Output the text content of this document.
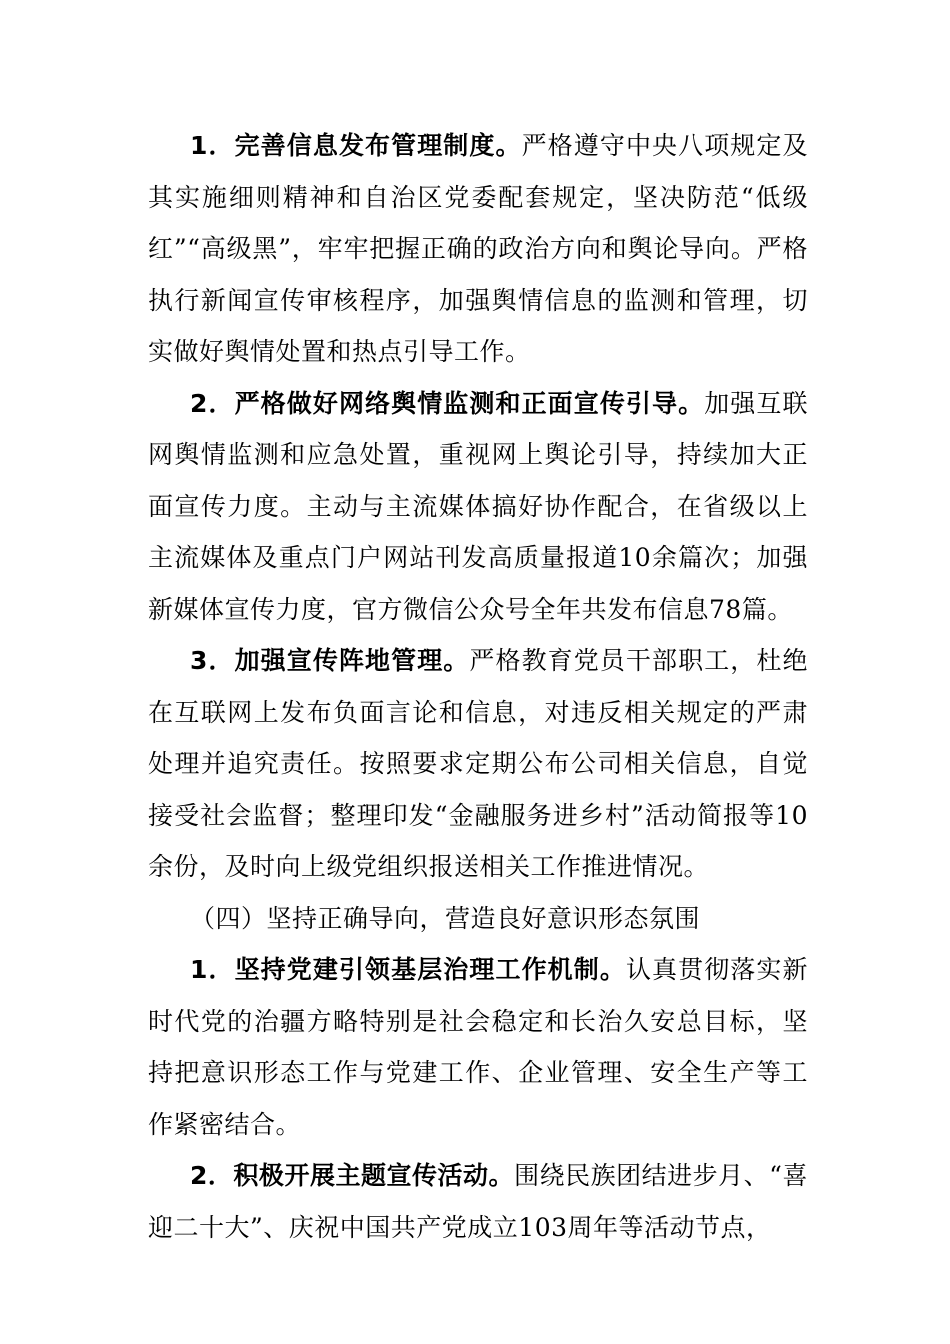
1．完善信息发布管理制度。严格遵守中央八项规定及其实施细则精神和自治区党委配套规定，坚决防范“低级红”“高级黑”，牢牢把握正确的政治方向和舆论导向。严格执行新闻宣传审核程序，加强舆情信息的监测和管理，切实做好舆情处置和热点引导工作。

2．严格做好网络舆情监测和正面宣传引导。加强互联网舆情监测和应急处置，重视网上舆论引导，持续加大正面宣传力度。主动与主流媒体搞好协作配合，在省级以上主流媒体及重点门户网站刊发高质量报道10余篇次；加强新媒体宣传力度，官方微信公众号全年共发布信息78篇。

3．加强宣传阵地管理。严格教育党员干部职工，杜绝在互联网上发布负面言论和信息，对违反相关规定的严肃处理并追究责任。按照要求定期公布公司相关信息，自觉接受社会监督；整理印发“金融服务进乡村”活动简报等10余份，及时向上级党组织报送相关工作推进情况。

（四）坚持正确导向，营造良好意识形态氛围

1．坚持党建引领基层治理工作机制。认真贯彻落实新时代党的治疆方略特别是社会稳定和长治久安总目标，坚持把意识形态工作与党建工作、企业管理、安全生产等工作紧密结合。

2．积极开展主题宣传活动。围绕民族团结进步月、“喜迎二十大”、庆祝中国共产党成立103周年等活动节点，
